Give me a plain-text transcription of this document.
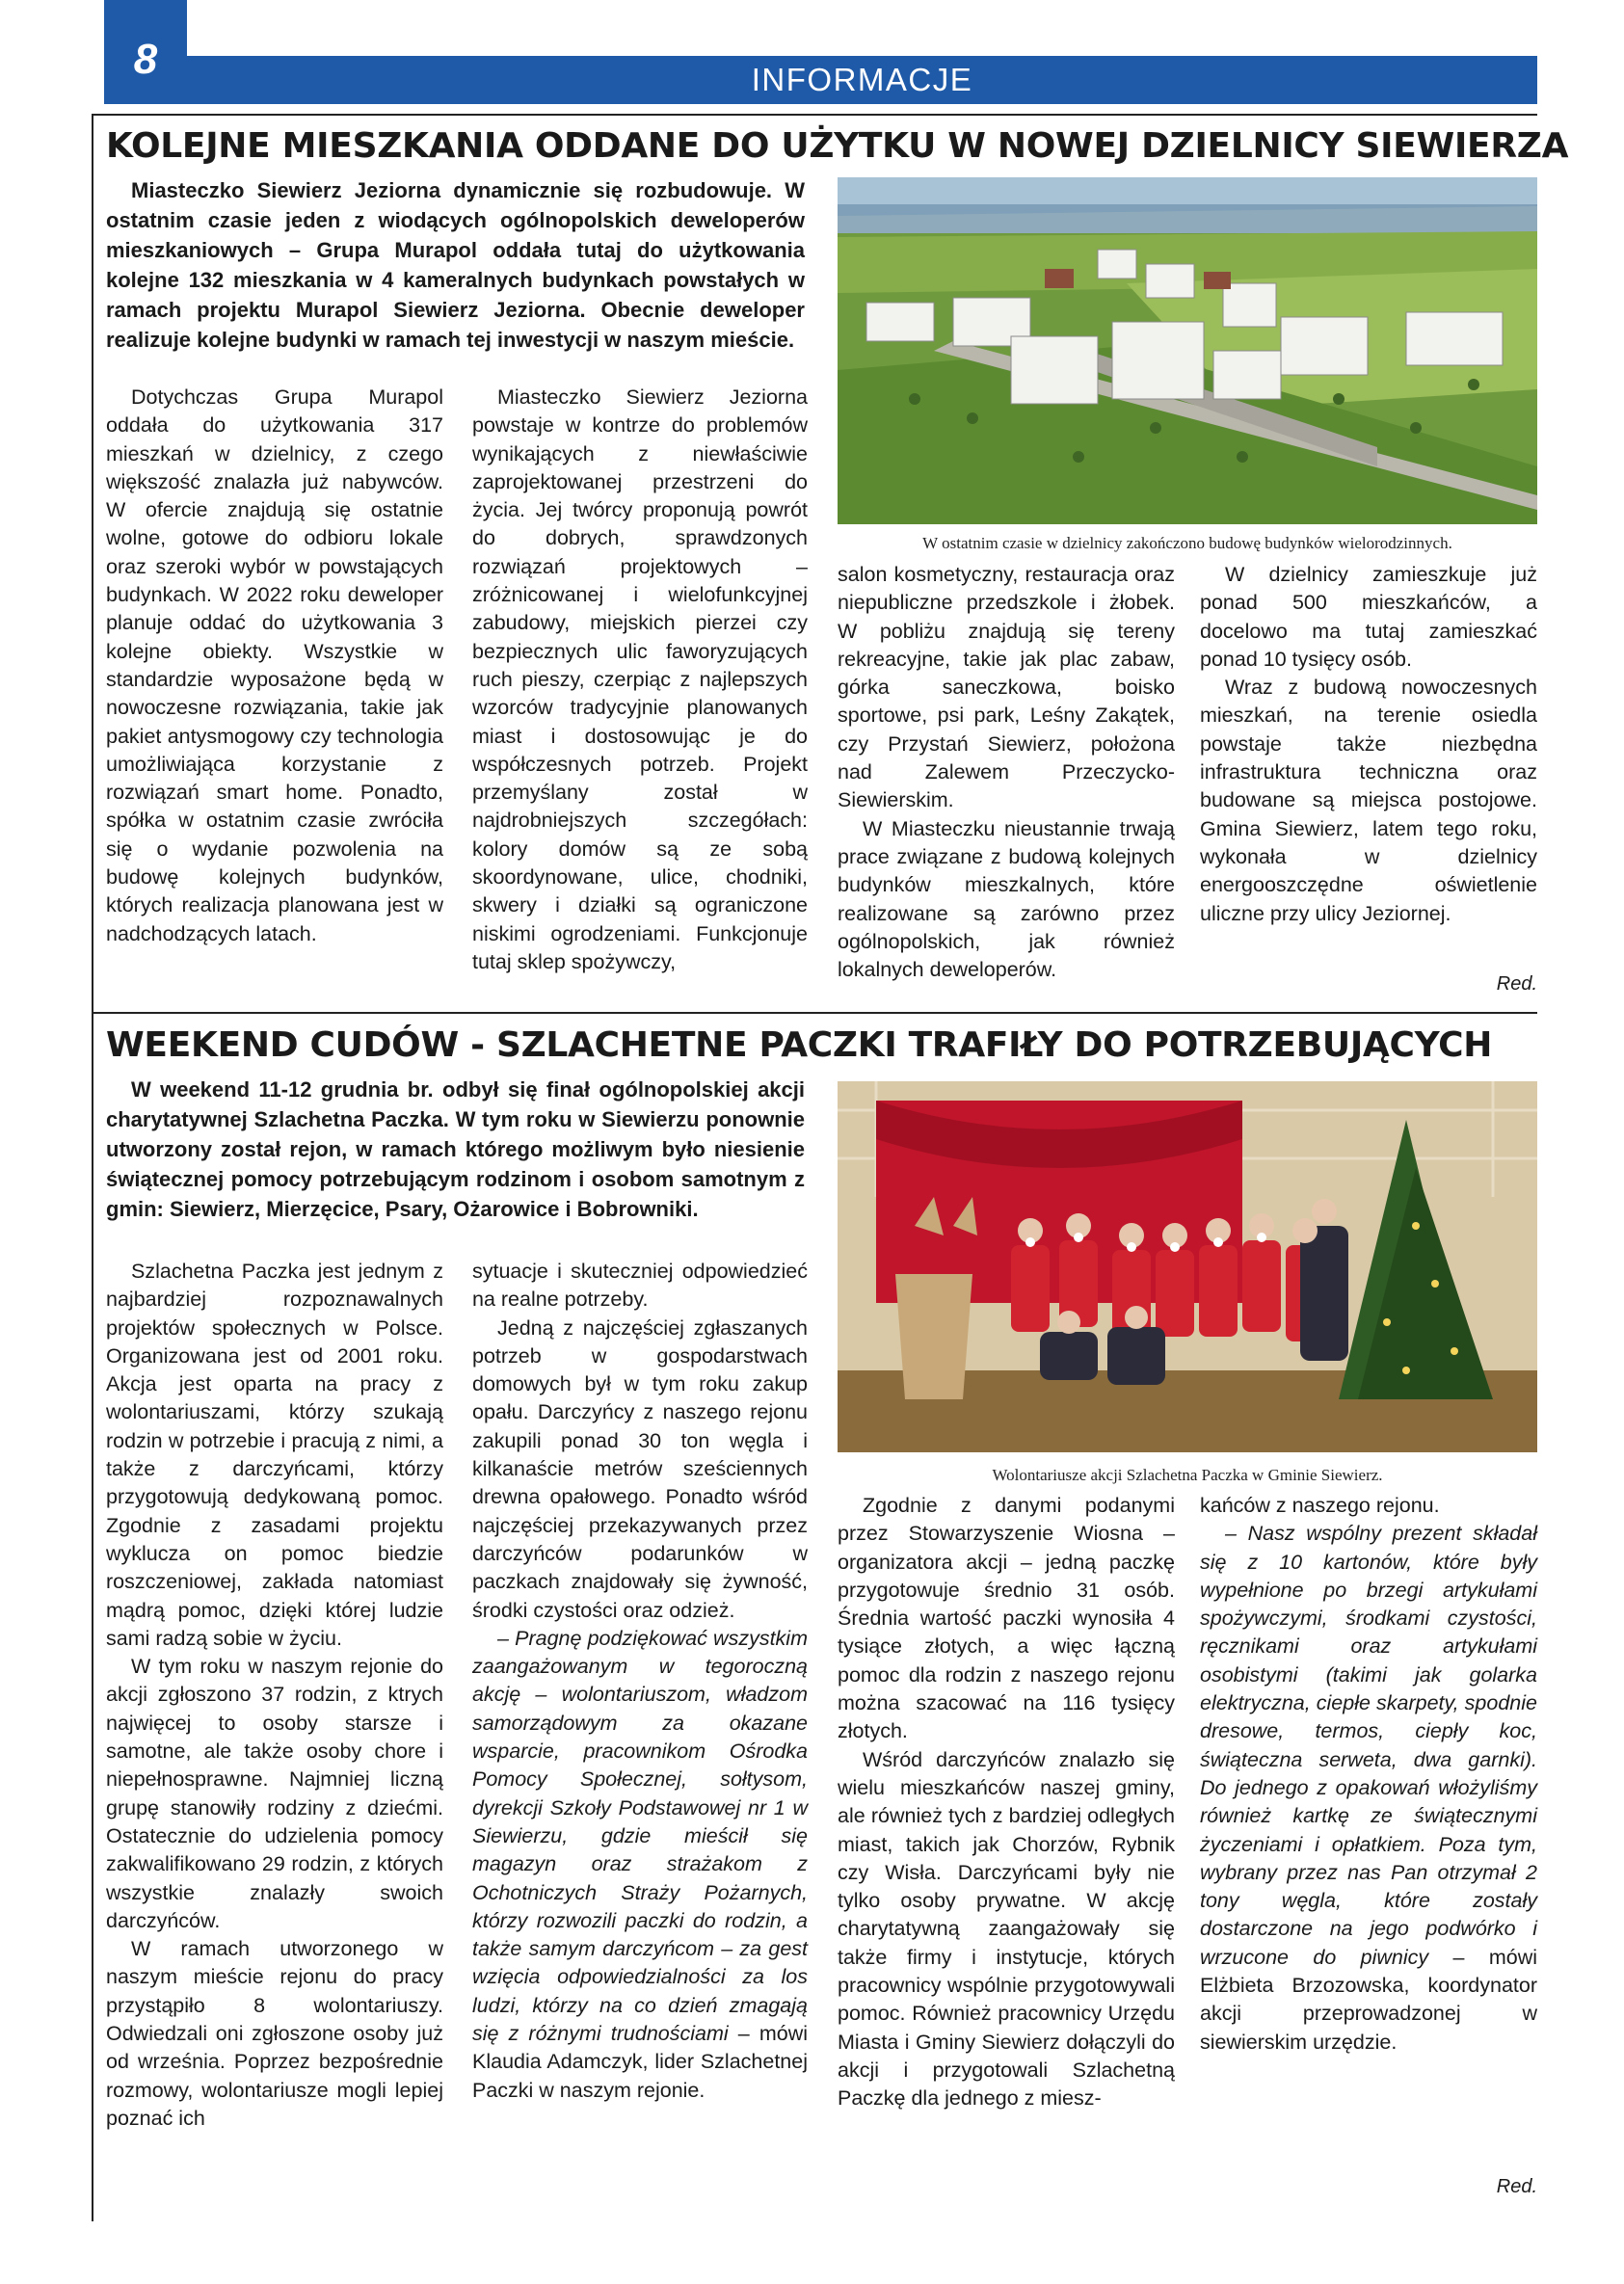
8	INFORMACJE
KOLEJNE MIESZKANIA ODDANE DO UŻYTKU W NOWEJ DZIELNICY SIEWIERZA
Miasteczko Siewierz Jeziorna dynamicznie się rozbudowuje. W ostatnim czasie jeden z wiodących ogólnopolskich deweloperów mieszkaniowych – Grupa Murapol oddała tutaj do użytkowania kolejne 132 mieszkania w 4 kameralnych budynkach powstałych w ramach projektu Murapol Siewierz Jeziorna. Obecnie deweloper realizuje kolejne budynki w ramach tej inwestycji w naszym mieście.
W ostatnim czasie w dzielnicy zakończono budowę budynków wielorodzinnych.

Dotychczas Grupa Murapol oddała do użytkowania 317 mieszkań w dzielnicy, z czego większość znalazła już nabywców. W ofercie znajdują się ostatnie wolne, gotowe do odbioru lokale oraz szeroki wybór w powstających budynkach. W 2022 roku deweloper planuje oddać do użytkowania 3 kolejne obiekty. Wszystkie w standardzie wyposażone będą w nowoczesne rozwiązania, takie jak pakiet antysmogowy czy technologia umożliwiająca korzystanie z rozwiązań smart home. Ponadto, spółka w ostatnim czasie zwróciła się o wydanie pozwolenia na budowę kolejnych budynków, których realizacja planowana jest w nadchodzących latach.

Miasteczko Siewierz Jeziorna powstaje w kontrze do problemów wynikających z niewłaściwie zaprojektowanej przestrzeni do życia. Jej twórcy proponują powrót do dobrych, sprawdzonych rozwiązań projektowych – zróżnicowanej i wielofunkcyjnej zabudowy, miejskich pierzei czy bezpiecznych ulic faworyzujących ruch pieszy, czerpiąc z najlepszych wzorców tradycyjnie planowanych miast i dostosowując je do współczesnych potrzeb. Projekt przemyślany został w najdrobniejszych szczegółach: kolory domów są ze sobą skoordynowane, ulice, chodniki, skwery i działki są ograniczone niskimi ogrodzeniami. Funkcjonuje tutaj sklep spożywczy,

salon kosmetyczny, restauracja oraz niepubliczne przedszkole i żłobek. W pobliżu znajdują się tereny rekreacyjne, takie jak plac zabaw, górka saneczkowa, boisko sportowe, psi park, Leśny Zakątek, czy Przystań Siewierz, położona nad Zalewem Przeczycko-Siewierskim.

W Miasteczku nieustannie trwają prace związane z budową kolejnych budynków mieszkalnych, które realizowane są zarówno przez ogólnopolskich, jak również lokalnych deweloperów.

W dzielnicy zamieszkuje już ponad 500 mieszkańców, a docelowo ma tutaj zamieszkać ponad 10 tysięcy osób.

Wraz z budową nowoczesnych mieszkań, na terenie osiedla powstaje także niezbędna infrastruktura techniczna oraz budowane są miejsca postojowe. Gmina Siewierz, latem tego roku, wykonała w dzielnicy energooszczędne oświetlenie uliczne przy ulicy Jeziornej.

Red.
WEEKEND CUDÓW - SZLACHETNE PACZKI TRAFIŁY DO POTRZEBUJĄCYCH
W weekend 11-12 grudnia br. odbył się finał ogólnopolskiej akcji charytatywnej Szlachetna Paczka. W tym roku w Siewierzu ponownie utworzony został rejon, w ramach którego możliwym było niesienie świątecznej pomocy potrzebującym rodzinom i osobom samotnym z gmin: Siewierz, Mierzęcice, Psary, Ożarowice i Bobrowniki.
Wolontariusze akcji Szlachetna Paczka w Gminie Siewierz.

Szlachetna Paczka jest jednym z najbardziej rozpoznawalnych projektów społecznych w Polsce. Organizowana jest od 2001 roku. Akcja jest oparta na pracy z wolontariuszami, którzy szukają rodzin w potrzebie i pracują z nimi, a także z darczyńcami, którzy przygotowują dedykowaną pomoc. Zgodnie z zasadami projektu wyklucza on pomoc biedzie roszczeniowej, zakłada natomiast mądrą pomoc, dzięki której ludzie sami radzą sobie w życiu.

W tym roku w naszym rejonie do akcji zgłoszono 37 rodzin, z ktrych najwięcej to osoby starsze i samotne, ale także osoby chore i niepełnosprawne. Najmniej liczną grupę stanowiły rodziny z dziećmi. Ostatecznie do udzielenia pomocy zakwalifikowano 29 rodzin, z których wszystkie znalazły swoich darczyńców.

W ramach utworzonego w naszym mieście rejonu do pracy przystąpiło 8 wolontariuszy. Odwiedzali oni zgłoszone osoby już od września. Poprzez bezpośrednie rozmowy, wolontariusze mogli lepiej poznać ich

sytuacje i skuteczniej odpowiedzieć na realne potrzeby.

Jedną z najczęściej zgłaszanych potrzeb w gospodarstwach domowych był w tym roku zakup opału. Darczyńcy z naszego rejonu zakupili ponad 30 ton węgla i kilkanaście metrów sześciennych drewna opałowego. Ponadto wśród najczęściej przekazywanych przez darczyńców podarunków w paczkach znajdowały się żywność, środki czystości oraz odzież.

– Pragnę podziękować wszystkim zaangażowanym w tegoroczną akcję – wolontariuszom, władzom samorządowym za okazane wsparcie, pracownikom Ośrodka Pomocy Społecznej, sołtysom, dyrekcji Szkoły Podstawowej nr 1 w Siewierzu, gdzie mieścił się magazyn oraz strażakom z Ochotniczych Straży Pożarnych, którzy rozwozili paczki do rodzin, a także samym darczyńcom – za gest wzięcia odpowiedzialności za los ludzi, którzy na co dzień zmagają się z różnymi trudnościami – mówi Klaudia Adamczyk, lider Szlachetnej Paczki w naszym rejonie.

Zgodnie z danymi podanymi przez Stowarzyszenie Wiosna – organizatora akcji – jedną paczkę przygotowuje średnio 31 osób. Średnia wartość paczki wynosiła 4 tysiące złotych, a więc łączną pomoc dla rodzin z naszego rejonu można szacować na 116 tysięcy złotych.

Wśród darczyńców znalazło się wielu mieszkańców naszej gminy, ale również tych z bardziej odległych miast, takich jak Chorzów, Rybnik czy Wisła. Darczyńcami były nie tylko osoby prywatne. W akcję charytatywną zaangażowały się także firmy i instytucje, których pracownicy wspólnie przygotowywali pomoc. Również pracownicy Urzędu Miasta i Gminy Siewierz dołączyli do akcji i przygotowali Szlachetną Paczkę dla jednego z miesz-

kańców z naszego rejonu.

– Nasz wspólny prezent składał się z 10 kartonów, które były wypełnione po brzegi artykułami spożywczymi, środkami czystości, ręcznikami oraz artykułami osobistymi (takimi jak golarka elektryczna, ciepłe skarpety, spodnie dresowe, termos, ciepły koc, świąteczna serweta, dwa garnki). Do jednego z opakowań włożyliśmy również kartkę ze świątecznymi życzeniami i opłatkiem. Poza tym, wybrany przez nas Pan otrzymał 2 tony węgla, które zostały dostarczone na jego podwórko i wrzucone do piwnicy – mówi Elżbieta Brzozowska, koordynator akcji przeprowadzonej w siewierskim urzędzie.

Red.
